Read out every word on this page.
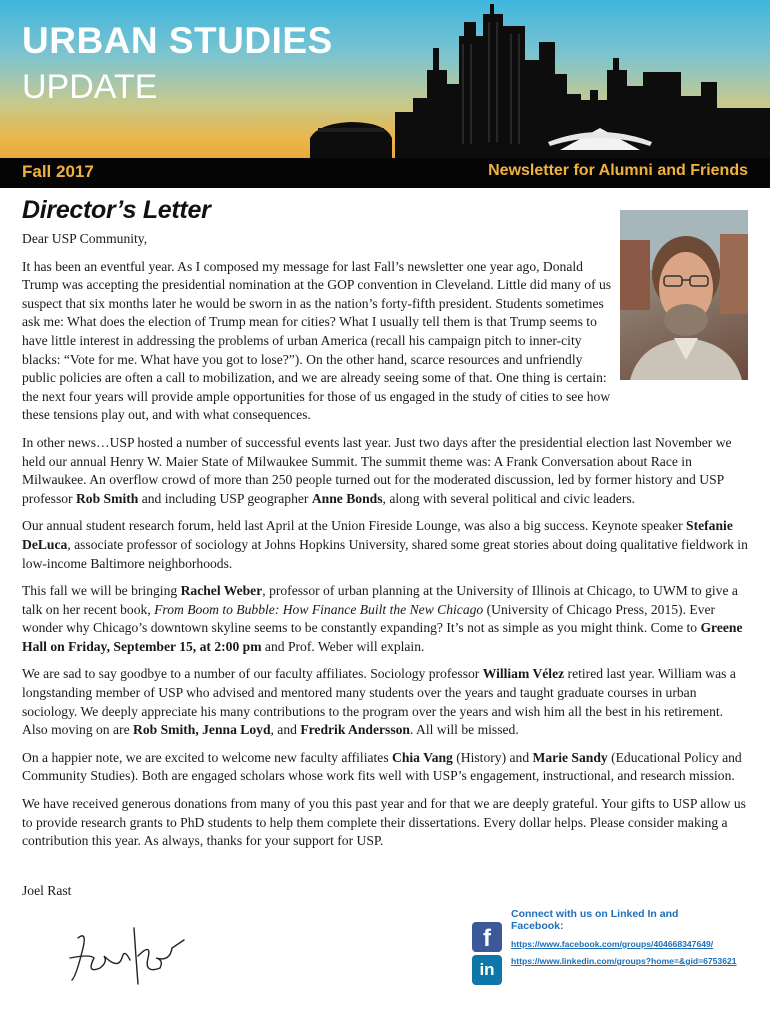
URBAN STUDIES
UPDATE
Fall 2017	Newsletter for Alumni and Friends
Director’s Letter

Dear USP Community,

It has been an eventful year. As I composed my message for last Fall’s newsletter one year ago, Donald Trump was accepting the presidential nomination at the GOP convention in Cleveland. Little did many of us suspect that six months later he would be sworn in as the nation’s forty-fifth president. Students sometimes ask me: What does the election of Trump mean for cities? What I usually tell them is that Trump seems to have little interest in addressing the problems of urban America (recall his campaign pitch to inner-city blacks: “Vote for me. What have you got to lose?”). On the other hand, scarce resources and unfriendly public policies are often a call to mobilization, and we are already seeing some of that. One thing is certain: the next four years will provide ample opportunities for those of us engaged in the study of cities to see how these tensions play out, and with what consequences.

In other news…USP hosted a number of successful events last year. Just two days after the presidential election last November we held our annual Henry W. Maier State of Milwaukee Summit. The summit theme was: A Frank Conversation about Race in Milwaukee. An overflow crowd of more than 250 people turned out for the moderated discussion, led by former history and USP professor Rob Smith and including USP geographer Anne Bonds, along with several political and civic leaders.

Our annual student research forum, held last April at the Union Fireside Lounge, was also a big success. Keynote speaker Stefanie DeLuca, associate professor of sociology at Johns Hopkins University, shared some great stories about doing qualitative fieldwork in low-income Baltimore neighborhoods.

This fall we will be bringing Rachel Weber, professor of urban planning at the University of Illinois at Chicago, to UWM to give a talk on her recent book, From Boom to Bubble: How Finance Built the New Chicago (University of Chicago Press, 2015). Ever wonder why Chicago’s downtown skyline seems to be constantly expanding? It’s not as simple as you might think. Come to Greene Hall on Friday, September 15, at 2:00 pm and Prof. Weber will explain.

We are sad to say goodbye to a number of our faculty affiliates. Sociology professor William Vélez retired last year. William was a longstanding member of USP who advised and mentored many students over the years and taught graduate courses in urban sociology. We deeply appreciate his many contributions to the program over the years and wish him all the best in his retirement. Also moving on are Rob Smith, Jenna Loyd, and Fredrik Andersson. All will be missed.

On a happier note, we are excited to welcome new faculty affiliates Chia Vang (History) and Marie Sandy (Educational Policy and Community Studies). Both are engaged scholars whose work fits well with USP’s engagement, instructional, and research mission.

We have received generous donations from many of you this past year and for that we are deeply grateful. Your gifts to USP allow us to provide research grants to PhD students to help them complete their dissertations. Every dollar helps. Please consider making a contribution this year. As always, thanks for your support for USP.

Joel Rast
Connect with us on Linked In and Facebook:
f
in
https://www.facebook.com/groups/404668347649/
https://www.linkedin.com/groups?home=&gid=6753621
